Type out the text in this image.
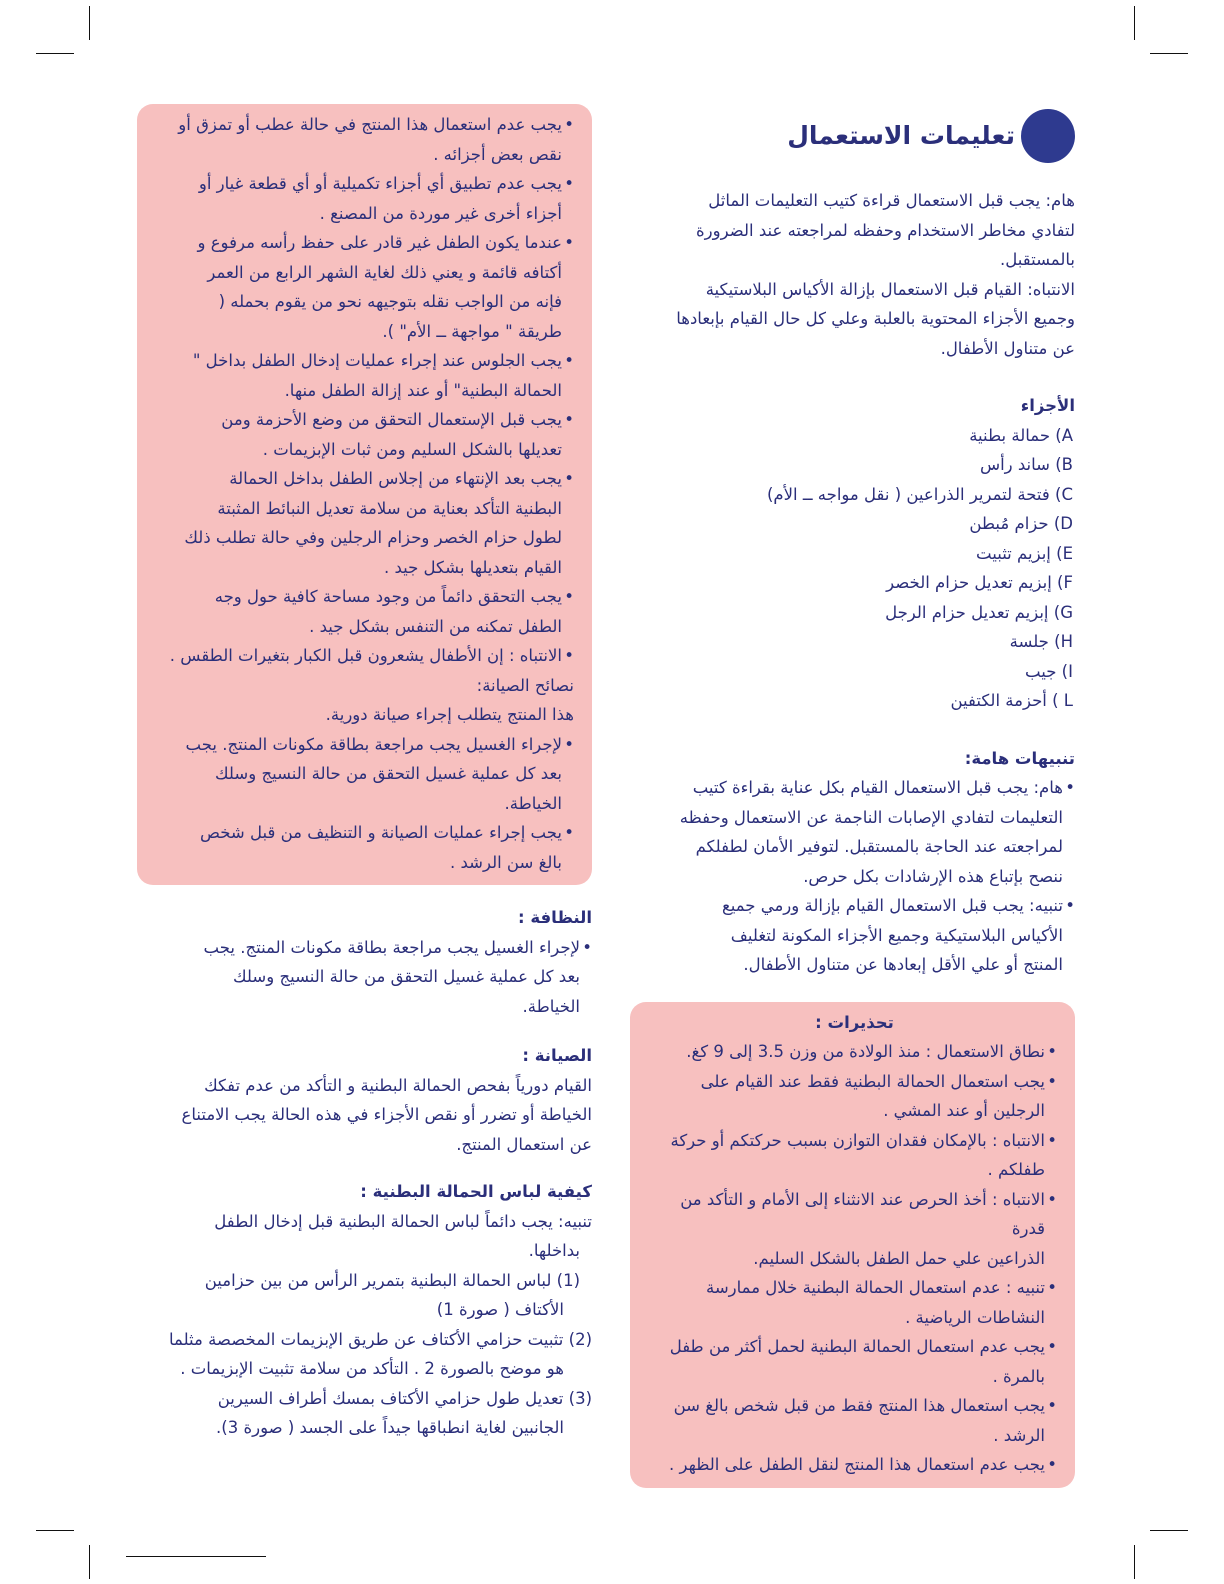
تعليمات الاستعمال

هام: يجب قبل الاستعمال قراءة كتيب التعليمات الماثل

لتفادي مخاطر الاستخدام وحفظه لمراجعته عند الضرورة

بالمستقبل.

الانتباه: القيام قبل الاستعمال بإزالة الأكياس البلاستيكية

وجميع الأجزاء المحتوية بالعلبة وعلي كل حال القيام بإبعادها

عن متناول الأطفال.

الأجزاء

A) حمالة بطنية

B) ساند رأس

C) فتحة لتمرير الذراعين ( نقل مواجه ــ الأم)

D) حزام مُبطن

E) إبزيم تثبيت

F) إبزيم تعديل حزام الخصر

G) إبزيم تعديل حزام الرجل

H) جلسة

I) جيب

L ) أحزمة الكتفين

تنبيهات هامة:

• هام: يجب قبل الاستعمال القيام بكل عناية بقراءة كتيب

التعليمات لتفادي الإصابات الناجمة عن الاستعمال وحفظه

لمراجعته عند الحاجة بالمستقبل. لتوفير الأمان لطفلكم

ننصح بإتباع هذه الإرشادات بكل حرص.

• تنبيه: يجب قبل الاستعمال القيام بإزالة ورمي جميع

الأكياس البلاستيكية وجميع الأجزاء المكونة لتغليف

المنتج أو علي الأقل إبعادها عن متناول الأطفال.

تحذيرات :

• نطاق الاستعمال : منذ الولادة من وزن 3.5 إلى 9 كغ.

• يجب استعمال الحمالة البطنية فقط عند القيام على

الرجلين أو عند المشي .

• الانتباه : بالإمكان فقدان التوازن بسبب حركتكم أو حركة

طفلكم .

• الانتباه : أخذ الحرص عند الانثناء إلى الأمام و التأكد من قدرة

الذراعين علي حمل الطفل بالشكل السليم.

• تنبيه : عدم استعمال الحمالة البطنية خلال ممارسة

النشاطات الرياضية .

• يجب عدم استعمال الحمالة البطنية لحمل أكثر من طفل

بالمرة .

• يجب استعمال هذا المنتج فقط من قبل شخص بالغ سن

الرشد .

• يجب عدم استعمال هذا المنتج لنقل الطفل على الظهر .

• يجب عدم استعمال هذا المنتج في حالة عطب أو تمزق أو

نقص بعض أجزائه .

• يجب عدم تطبيق أي أجزاء تكميلية أو أي قطعة غيار أو

أجزاء أخرى غير موردة من المصنع .

• عندما يكون الطفل غير قادر على حفظ رأسه مرفوع و

أكتافه قائمة و يعني ذلك لغاية الشهر الرابع من العمر

فإنه من الواجب نقله بتوجيهه نحو من يقوم بحمله (

طريقة " مواجهة ــ الأم" ).

• يجب الجلوس عند إجراء عمليات إدخال الطفل بداخل "

الحمالة البطنية" أو عند إزالة الطفل منها.

• يجب قبل الإستعمال التحقق من وضع الأحزمة ومن

تعديلها بالشكل السليم ومن ثبات الإبزيمات .

• يجب بعد الإنتهاء من إجلاس الطفل بداخل الحمالة

البطنية التأكد بعناية من سلامة تعديل النبائط المثبتة

لطول حزام الخصر وحزام الرجلين وفي حالة تطلب ذلك

القيام بتعديلها بشكل جيد .

• يجب التحقق دائماً من وجود مساحة كافية حول وجه

الطفل تمكنه من التنفس بشكل جيد .

• الانتباه : إن الأطفال يشعرون قبل الكبار بتغيرات الطقس .

نصائح الصيانة:

هذا المنتج يتطلب إجراء صيانة دورية.

• لإجراء الغسيل يجب مراجعة بطاقة مكونات المنتج. يجب

بعد كل عملية غسيل التحقق من حالة النسيج وسلك

الخياطة.

• يجب إجراء عمليات الصيانة و التنظيف من قبل شخص

بالغ سن الرشد .

النظافة :

• لإجراء الغسيل يجب مراجعة بطاقة مكونات المنتج. يجب

بعد كل عملية غسيل التحقق من حالة النسيج وسلك

الخياطة.

الصيانة :

القيام دورياً بفحص الحمالة البطنية و التأكد من عدم تفكك

الخياطة أو تضرر أو نقص الأجزاء في هذه الحالة يجب الامتناع

عن استعمال المنتج.

كيفية لباس الحمالة البطنية :

تنبيه: يجب دائماً لباس الحمالة البطنية قبل إدخال الطفل

بداخلها.

(1) لباس الحمالة البطنية بتمرير الرأس من بين حزامين

الأكتاف ( صورة 1)

(2) تثبيت حزامي الأكتاف عن طريق الإبزيمات المخصصة مثلما

هو موضح بالصورة 2 . التأكد من سلامة تثبيت الإبزيمات .

(3) تعديل طول حزامي الأكتاف بمسك أطراف السيرين

الجانبين لغاية انطباقها جيداً على الجسد ( صورة 3).
